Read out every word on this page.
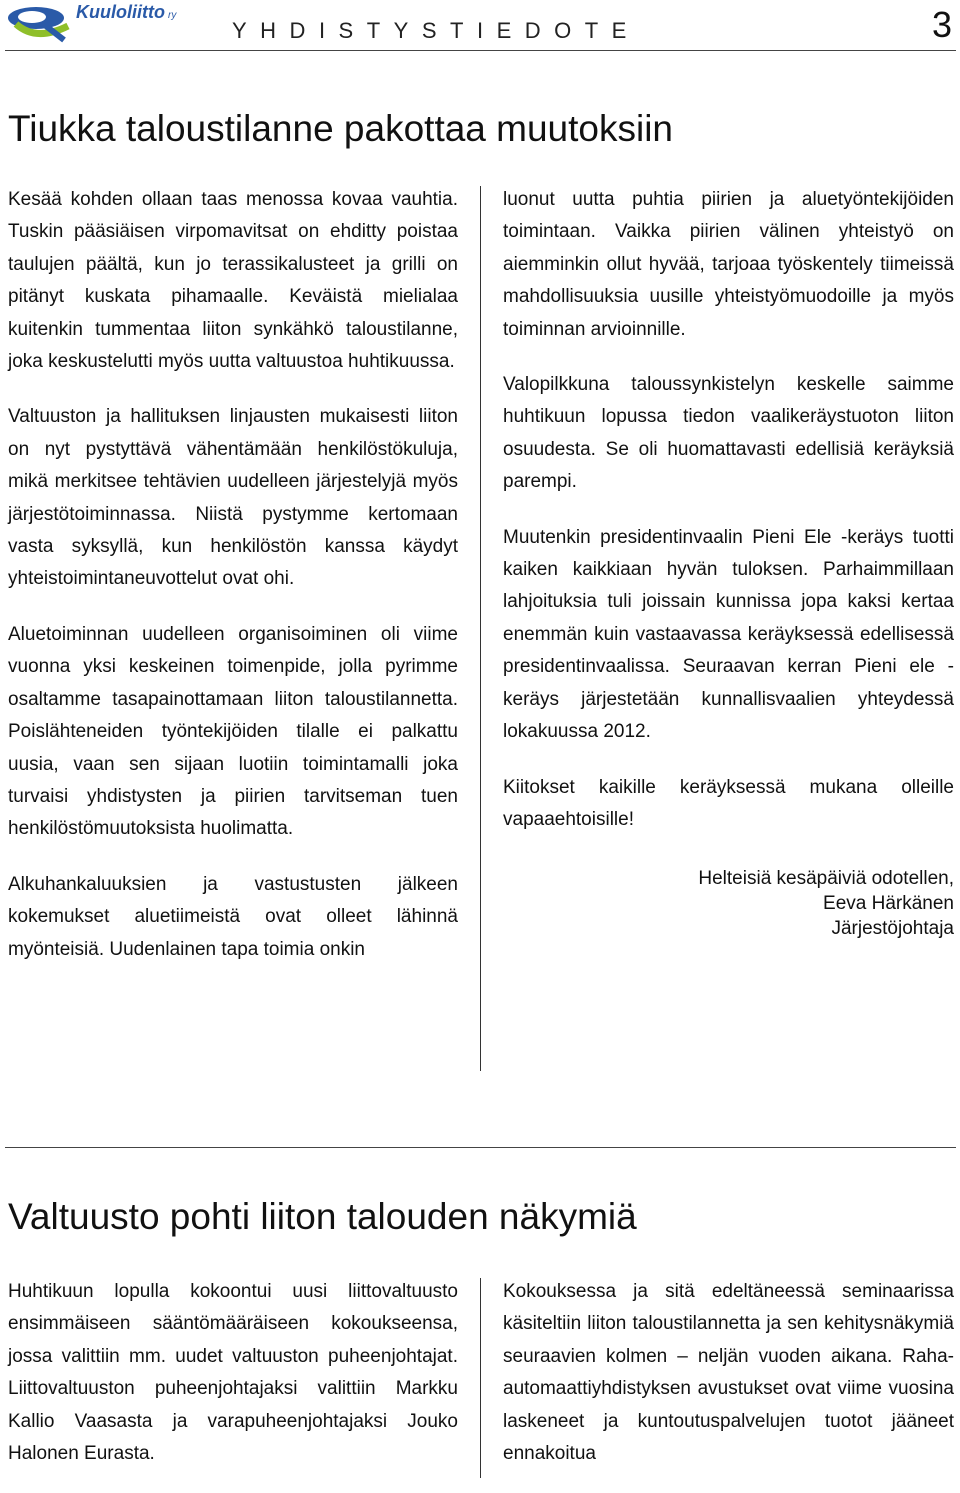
Kuuloliitto ry
YHDISTYSTIEDOTE	3
Tiukka taloustilanne pakottaa muutoksiin

Kesää kohden ollaan taas menossa kovaa vauhtia. Tuskin pääsiäisen virpomavitsat on ehditty poistaa taulujen päältä, kun jo terassikalusteet ja grilli on pitänyt kuskata pihamaalle. Keväistä mielialaa kuitenkin tummentaa liiton synkähkö taloustilanne, joka keskustelutti myös uutta valtuustoa huhtikuussa.

Valtuuston ja hallituksen linjausten mukaisesti liiton on nyt pystyttävä vähentämään henkilöstökuluja, mikä merkitsee tehtävien uudelleen järjestelyjä myös järjestötoiminnassa. Niistä pystymme kertomaan vasta syksyllä, kun henkilöstön kanssa käydyt yhteistoimintaneuvottelut ovat ohi.

Aluetoiminnan uudelleen organisoiminen oli viime vuonna yksi keskeinen toimenpide, jolla pyrimme osaltamme tasapainottamaan liiton taloustilannetta. Poislähteneiden työntekijöiden tilalle ei palkattu uusia, vaan sen sijaan luotiin toimintamalli joka turvaisi yhdistysten ja piirien tarvitseman tuen henkilöstömuutoksista huolimatta.

Alkuhankaluuksien ja vastustusten jälkeen kokemukset aluetiimeistä ovat olleet lähinnä myönteisiä. Uudenlainen tapa toimia onkin

luonut uutta puhtia piirien ja aluetyöntekijöiden toimintaan. Vaikka piirien välinen yhteistyö on aiemminkin ollut hyvää, tarjoaa työskentely tiimeissä mahdollisuuksia uusille yhteistyömuodoille ja myös toiminnan arvioinnille.

Valopilkkuna taloussynkistelyn keskelle saimme huhtikuun lopussa tiedon vaalikeräystuoton liiton osuudesta. Se oli huomattavasti edellisiä keräyksiä parempi.

Muutenkin presidentinvaalin Pieni Ele -keräys tuotti kaiken kaikkiaan hyvän tuloksen. Parhaimmillaan lahjoituksia tuli joissain kunnissa jopa kaksi kertaa enemmän kuin vastaavassa keräyksessä edellisessä presidentinvaalissa. Seuraavan kerran Pieni ele -keräys järjestetään kunnallisvaalien yhteydessä lokakuussa 2012.

Kiitokset kaikille keräyksessä mukana olleille vapaaehtoisille!

Helteisiä kesäpäiviä odotellen,
Eeva Härkänen
Järjestöjohtaja
Valtuusto pohti liiton talouden näkymiä

Huhtikuun lopulla kokoontui uusi liittovaltuusto ensimmäiseen sääntömääräiseen kokoukseensa, jossa valittiin mm. uudet valtuuston puheenjohtajat. Liittovaltuuston puheenjohtajaksi valittiin Markku Kallio Vaasasta ja varapuheenjohtajaksi Jouko Halonen Eurasta.

Kokouksessa ja sitä edeltäneessä seminaarissa käsiteltiin liiton taloustilannetta ja sen kehitysnäkymiä seuraavien kolmen – neljän vuoden aikana. Raha-automaattiyhdistyksen avustukset ovat viime vuosina laskeneet ja kuntoutuspalvelujen tuotot jääneet ennakoitua
